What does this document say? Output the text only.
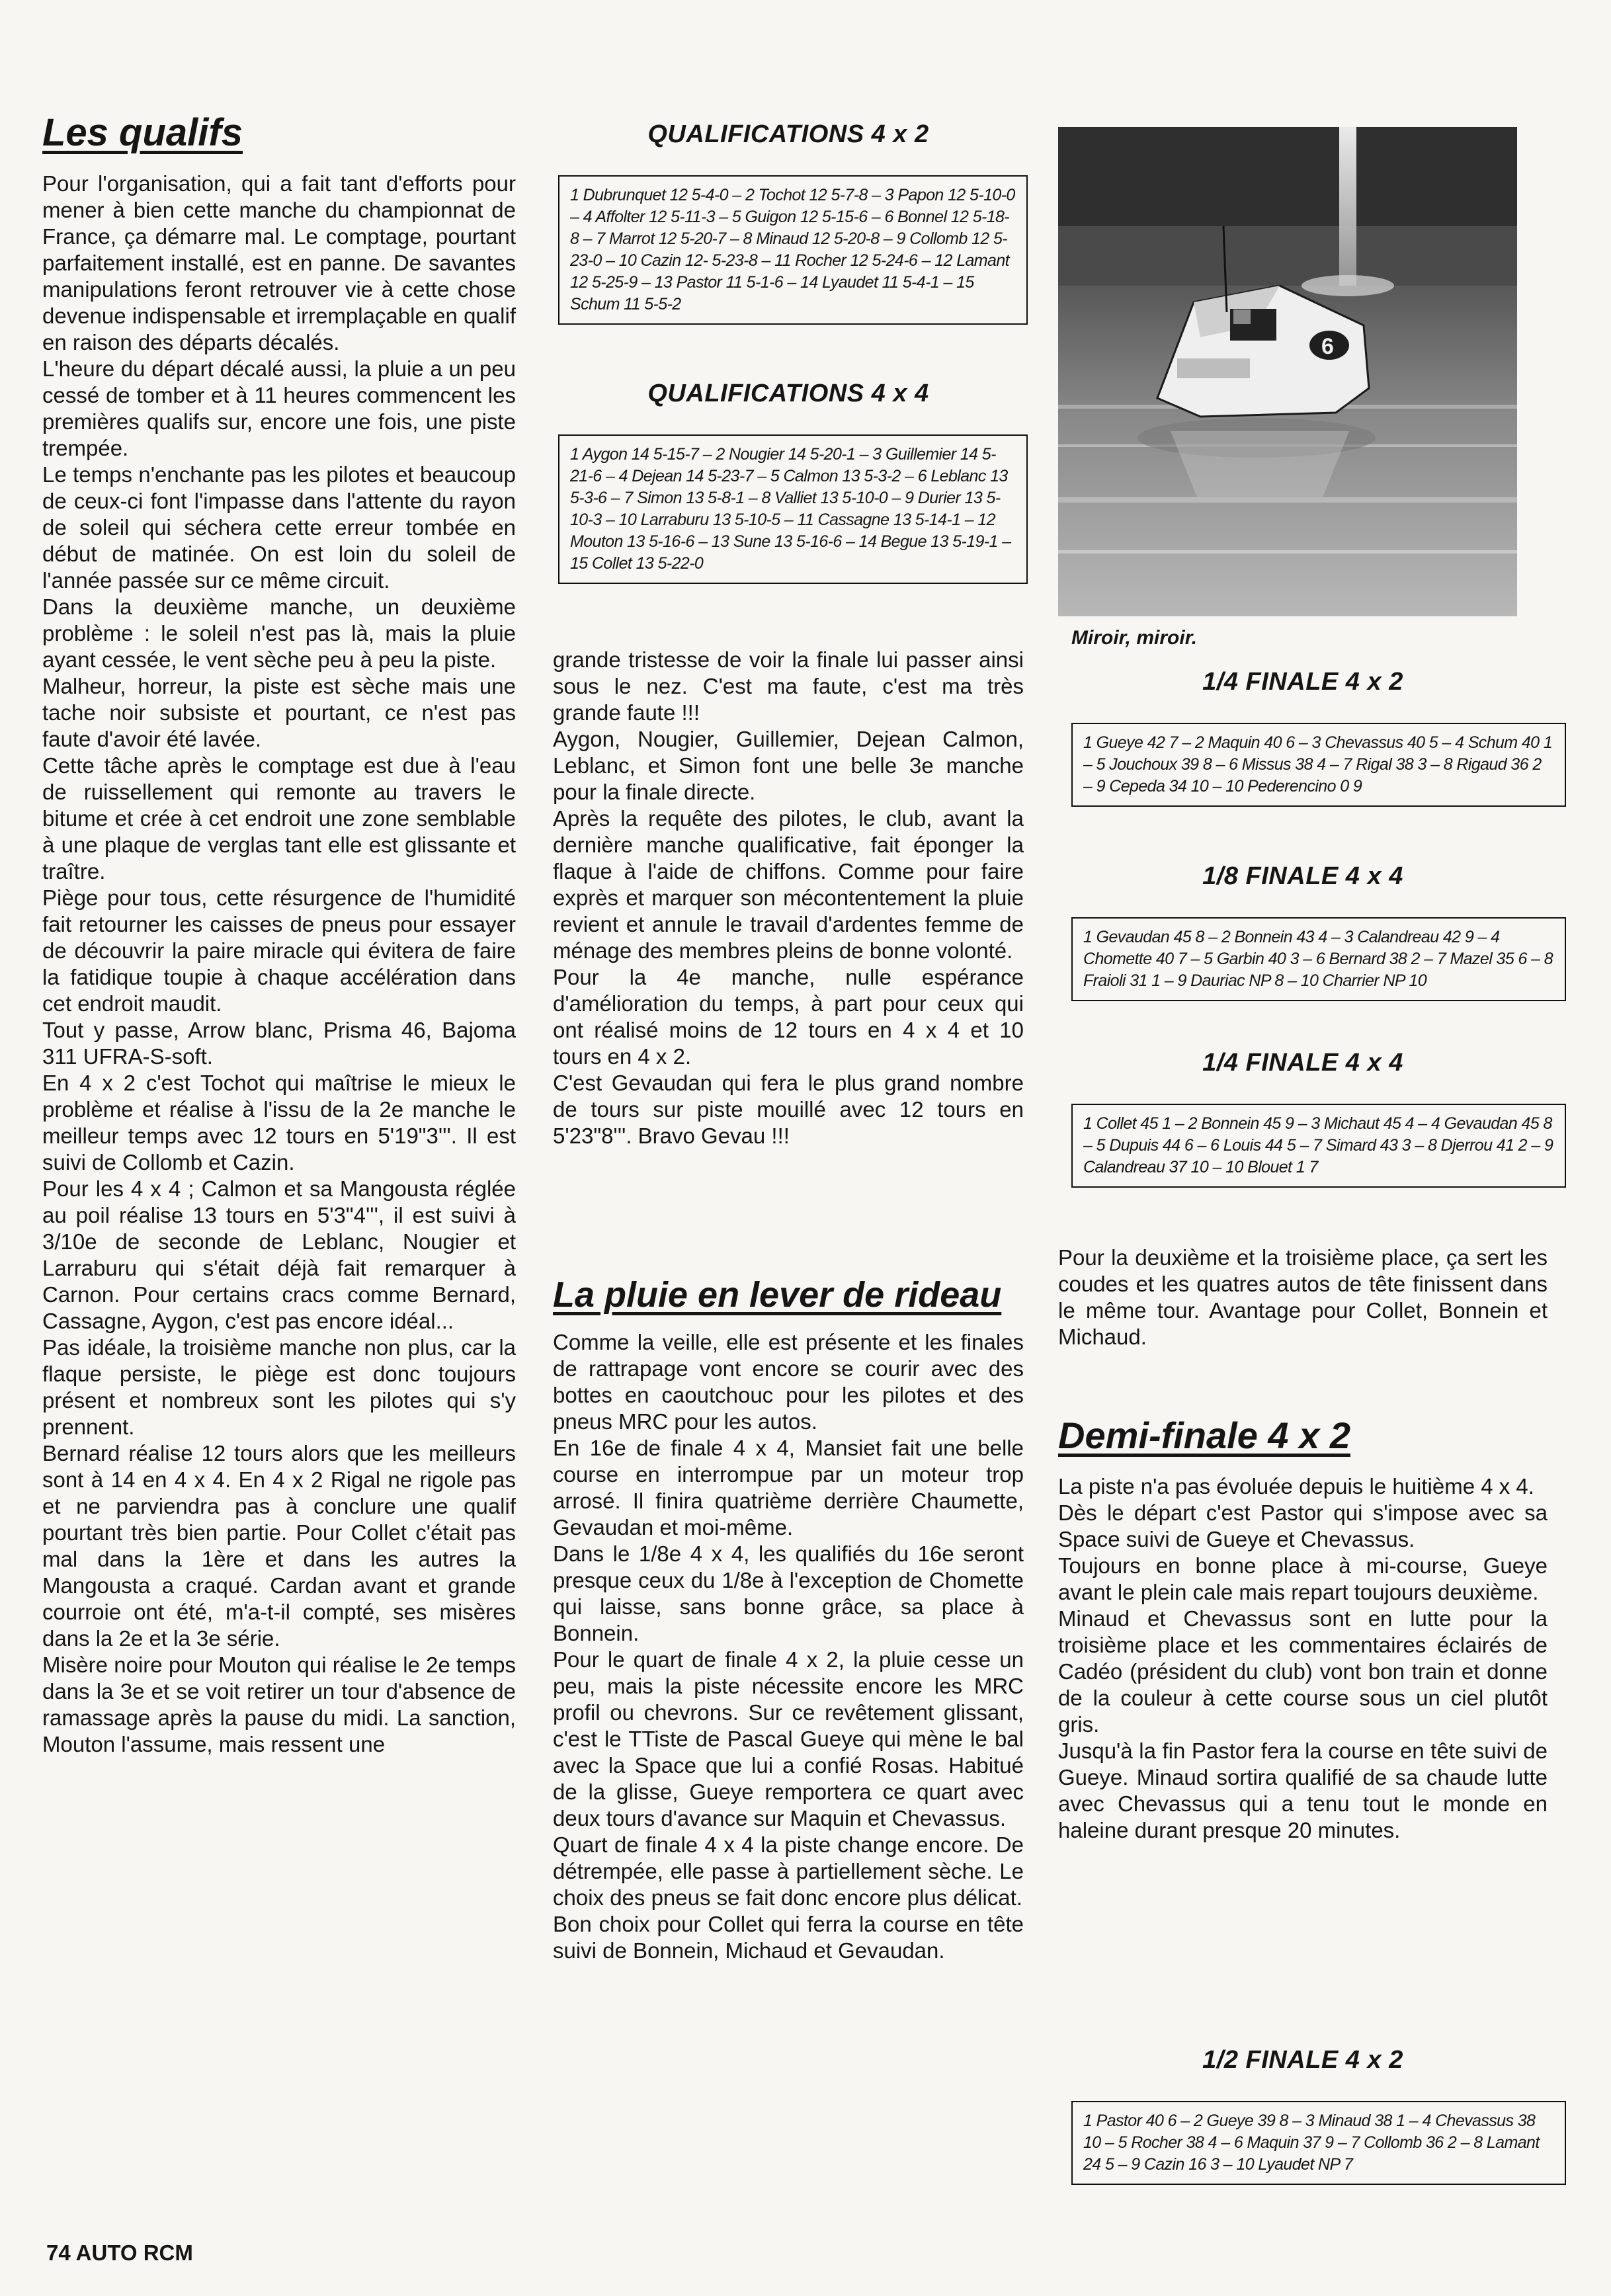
Les qualifs

Pour l'organisation, qui a fait tant d'efforts pour mener à bien cette manche du championnat de France, ça démarre mal. Le comptage, pourtant parfaitement installé, est en panne. De savantes manipulations feront retrouver vie à cette chose devenue indispensable et irremplaçable en qualif en raison des départs décalés.

L'heure du départ décalé aussi, la pluie a un peu cessé de tomber et à 11 heures commencent les premières qualifs sur, encore une fois, une piste trempée.

Le temps n'enchante pas les pilotes et beaucoup de ceux-ci font l'impasse dans l'attente du rayon de soleil qui séchera cette erreur tombée en début de matinée. On est loin du soleil de l'année passée sur ce même circuit.

Dans la deuxième manche, un deuxième problème : le soleil n'est pas là, mais la pluie ayant cessée, le vent sèche peu à peu la piste.

Malheur, horreur, la piste est sèche mais une tache noir subsiste et pourtant, ce n'est pas faute d'avoir été lavée.

Cette tâche après le comptage est due à l'eau de ruissellement qui remonte au travers le bitume et crée à cet endroit une zone semblable à une plaque de verglas tant elle est glissante et traître.

Piège pour tous, cette résurgence de l'humidité fait retourner les caisses de pneus pour essayer de découvrir la paire miracle qui évitera de faire la fatidique toupie à chaque accélération dans cet endroit maudit.

Tout y passe, Arrow blanc, Prisma 46, Bajoma 311 UFRA-S-soft.

En 4 x 2 c'est Tochot qui maîtrise le mieux le problème et réalise à l'issu de la 2e manche le meilleur temps avec 12 tours en 5'19"3'''. Il est suivi de Collomb et Cazin.

Pour les 4 x 4 ; Calmon et sa Mangousta réglée au poil réalise 13 tours en 5'3"4''', il est suivi à 3/10e de seconde de Leblanc, Nougier et Larraburu qui s'était déjà fait remarquer à Carnon. Pour certains cracs comme Bernard, Cassagne, Aygon, c'est pas encore idéal...

Pas idéale, la troisième manche non plus, car la flaque persiste, le piège est donc toujours présent et nombreux sont les pilotes qui s'y prennent.

Bernard réalise 12 tours alors que les meilleurs sont à 14 en 4 x 4. En 4 x 2 Rigal ne rigole pas et ne parviendra pas à conclure une qualif pourtant très bien partie. Pour Collet c'était pas mal dans la 1ère et dans les autres la Mangousta a craqué. Cardan avant et grande courroie ont été, m'a-t-il compté, ses misères dans la 2e et la 3e série.

Misère noire pour Mouton qui réalise le 2e temps dans la 3e et se voit retirer un tour d'absence de ramassage après la pause du midi. La sanction, Mouton l'assume, mais ressent une

QUALIFICATIONS 4 x 2
1 Dubrunquet 12 5-4-0 – 2 Tochot 12 5-7-8 – 3 Papon 12 5-10-0 – 4 Affolter 12 5-11-3 – 5 Guigon 12 5-15-6 – 6 Bonnel 12 5-18-8 – 7 Marrot 12 5-20-7 – 8 Minaud 12 5-20-8 – 9 Collomb 12 5-23-0 – 10 Cazin 12- 5-23-8 – 11 Rocher 12 5-24-6 – 12 Lamant 12 5-25-9 – 13 Pastor 11 5-1-6 – 14 Lyaudet 11 5-4-1 – 15 Schum 11 5-5-2
QUALIFICATIONS 4 x 4
1 Aygon 14 5-15-7 – 2 Nougier 14 5-20-1 – 3 Guillemier 14 5-21-6 – 4 Dejean 14 5-23-7 – 5 Calmon 13 5-3-2 – 6 Leblanc 13 5-3-6 – 7 Simon 13 5-8-1 – 8 Valliet 13 5-10-0 – 9 Durier 13 5-10-3 – 10 Larraburu 13 5-10-5 – 11 Cassagne 13 5-14-1 – 12 Mouton 13 5-16-6 – 13 Sune 13 5-16-6 – 14 Begue 13 5-19-1 – 15 Collet 13 5-22-0

grande tristesse de voir la finale lui passer ainsi sous le nez. C'est ma faute, c'est ma très grande faute !!!

Aygon, Nougier, Guillemier, Dejean Calmon, Leblanc, et Simon font une belle 3e manche pour la finale directe.

Après la requête des pilotes, le club, avant la dernière manche qualificative, fait éponger la flaque à l'aide de chiffons. Comme pour faire exprès et marquer son mécontentement la pluie revient et annule le travail d'ardentes femme de ménage des membres pleins de bonne volonté.

Pour la 4e manche, nulle espérance d'amélioration du temps, à part pour ceux qui ont réalisé moins de 12 tours en 4 x 4 et 10 tours en 4 x 2.

C'est Gevaudan qui fera le plus grand nombre de tours sur piste mouillé avec 12 tours en 5'23"8'''. Bravo Gevau !!!

La pluie en lever de rideau

Comme la veille, elle est présente et les finales de rattrapage vont encore se courir avec des bottes en caoutchouc pour les pilotes et des pneus MRC pour les autos.

En 16e de finale 4 x 4, Mansiet fait une belle course en interrompue par un moteur trop arrosé. Il finira quatrième derrière Chaumette, Gevaudan et moi-même.

Dans le 1/8e 4 x 4, les qualifiés du 16e seront presque ceux du 1/8e à l'exception de Chomette qui laisse, sans bonne grâce, sa place à Bonnein.

Pour le quart de finale 4 x 2, la pluie cesse un peu, mais la piste nécessite encore les MRC profil ou chevrons. Sur ce revêtement glissant, c'est le TTiste de Pascal Gueye qui mène le bal avec la Space que lui a confié Rosas. Habitué de la glisse, Gueye remportera ce quart avec deux tours d'avance sur Maquin et Chevassus.

Quart de finale 4 x 4 la piste change encore. De détrempée, elle passe à partiellement sèche. Le choix des pneus se fait donc encore plus délicat.

Bon choix pour Collet qui ferra la course en tête suivi de Bonnein, Michaud et Gevaudan.

6
Miroir, miroir.
1/4 FINALE 4 x 2
1 Gueye 42 7 – 2 Maquin 40 6 – 3 Chevassus 40 5 – 4 Schum 40 1 – 5 Jouchoux 39 8 – 6 Missus 38 4 – 7 Rigal 38 3 – 8 Rigaud 36 2 – 9 Cepeda 34 10 – 10 Pederencino 0 9
1/8 FINALE 4 x 4
1 Gevaudan 45 8 – 2 Bonnein 43 4 – 3 Calandreau 42 9 – 4 Chomette 40 7 – 5 Garbin 40 3 – 6 Bernard 38 2 – 7 Mazel 35 6 – 8 Fraioli 31 1 – 9 Dauriac NP 8 – 10 Charrier NP 10
1/4 FINALE 4 x 4
1 Collet 45 1 – 2 Bonnein 45 9 – 3 Michaut 45 4 – 4 Gevaudan 45 8 – 5 Dupuis 44 6 – 6 Louis 44 5 – 7 Simard 43 3 – 8 Djerrou 41 2 – 9 Calandreau 37 10 – 10 Blouet 1 7

Pour la deuxième et la troisième place, ça sert les coudes et les quatres autos de tête finissent dans le même tour. Avantage pour Collet, Bonnein et Michaud.

Demi-finale 4 x 2

La piste n'a pas évoluée depuis le huitième 4 x 4.

Dès le départ c'est Pastor qui s'impose avec sa Space suivi de Gueye et Chevassus.

Toujours en bonne place à mi-course, Gueye avant le plein cale mais repart toujours deuxième.

Minaud et Chevassus sont en lutte pour la troisième place et les commentaires éclairés de Cadéo (président du club) vont bon train et donne de la couleur à cette course sous un ciel plutôt gris.

Jusqu'à la fin Pastor fera la course en tête suivi de Gueye. Minaud sortira qualifié de sa chaude lutte avec Chevassus qui a tenu tout le monde en haleine durant presque 20 minutes.

1/2 FINALE 4 x 2
1 Pastor 40 6 – 2 Gueye 39 8 – 3 Minaud 38 1 – 4 Chevassus 38 10 – 5 Rocher 38 4 – 6 Maquin 37 9 – 7 Collomb 36 2 – 8 Lamant 24 5 – 9 Cazin 16 3 – 10 Lyaudet NP 7
74 AUTO RCM
